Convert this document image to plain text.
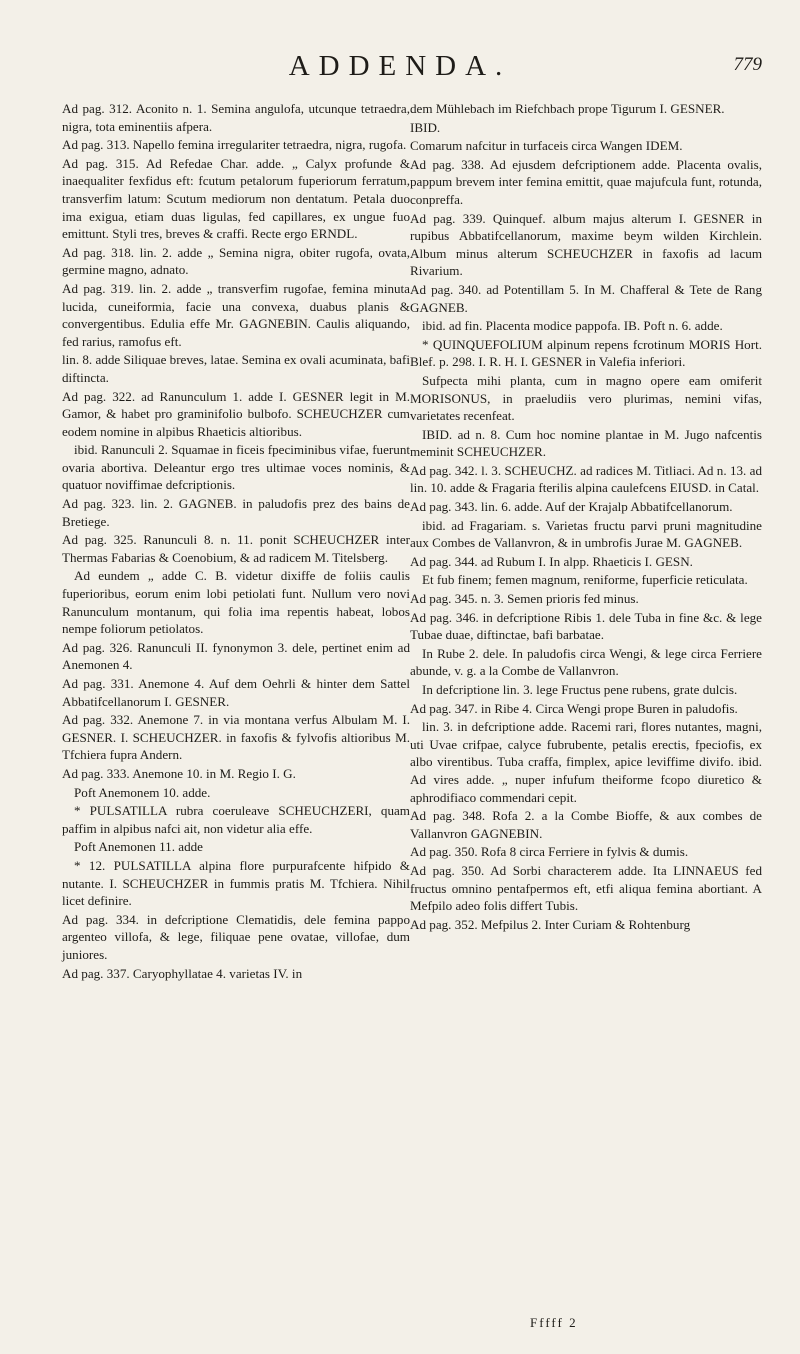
ADDENDA.	779

Ad pag. 312. Aconito n. 1. Semina angulofa, utcunque tetraedra, nigra, tota eminentiis afpera.

Ad pag. 313. Napello femina irregulariter tetraedra, nigra, rugofa.

Ad pag. 315. Ad Refedae Char. adde. „ Calyx profunde & inaequaliter fexfidus eft: fcutum petalorum fuperiorum ferratum, transverfim latum: Scutum mediorum non dentatum. Petala duo ima exigua, etiam duas ligulas, fed capillares, ex ungue fuo emittunt. Styli tres, breves & craffi. Recte ergo ERNDL.

Ad pag. 318. lin. 2. adde „ Semina nigra, obiter rugofa, ovata, germine magno, adnato.

Ad pag. 319. lin. 2. adde „ transverfim rugofae, femina minuta lucida, cuneiformia, facie una convexa, duabus planis & convergentibus. Edulia effe Mr. GAGNEBIN. Caulis aliquando, fed rarius, ramofus eft.

lin. 8. adde Siliquae breves, latae. Semina ex ovali acuminata, bafi diftincta.

Ad pag. 322. ad Ranunculum 1. adde I. GESNER legit in M. Gamor, & habet pro graminifolio bulbofo. SCHEUCHZER cum eodem nomine in alpibus Rhaeticis altioribus.

ibid. Ranunculi 2. Squamae in ficeis fpeciminibus vifae, fuerunt ovaria abortiva. Deleantur ergo tres ultimae voces nominis, & quatuor noviffimae defcriptionis.

Ad pag. 323. lin. 2. GAGNEB. in paludofis prez des bains de Bretiege.

Ad pag. 325. Ranunculi 8. n. 11. ponit SCHEUCHZER inter Thermas Fabarias & Coenobium, & ad radicem M. Titelsberg.

Ad eundem „ adde C. B. videtur dixiffe de foliis caulis fuperioribus, eorum enim lobi petiolati funt. Nullum vero novi Ranunculum montanum, qui folia ima repentis habeat, lobos nempe foliorum petiolatos.

Ad pag. 326. Ranunculi II. fynonymon 3. dele, pertinet enim ad Anemonen 4.

Ad pag. 331. Anemone 4. Auf dem Oehrli & hinter dem Sattel Abbatifcellanorum I. GESNER.

Ad pag. 332. Anemone 7. in via montana verfus Albulam M. I. GESNER. I. SCHEUCHZER. in faxofis & fylvofis altioribus M. Tfchiera fupra Andern.

Ad pag. 333. Anemone 10. in M. Regio I. G.

Poft Anemonem 10. adde.

* PULSATILLA rubra coeruleave SCHEUCHZERI, quam paffim in alpibus nafci ait, non videtur alia effe.

Poft Anemonen 11. adde

* 12. PULSATILLA alpina flore purpurafcente hifpido & nutante. I. SCHEUCHZER in fummis pratis M. Tfchiera. Nihil licet definire.

Ad pag. 334. in defcriptione Clematidis, dele femina pappo argenteo villofa, & lege, filiquae pene ovatae, villofae, dum juniores.

Ad pag. 337. Caryophyllatae 4. varietas IV. in

dem Mühlebach im Riefchbach prope Tigurum I. GESNER.

IBID.

Comarum nafcitur in turfaceis circa Wangen IDEM.

Ad pag. 338. Ad ejusdem defcriptionem adde. Placenta ovalis, pappum brevem inter femina emittit, quae majufcula funt, rotunda, conpreffa.

Ad pag. 339. Quinquef. album majus alterum I. GESNER in rupibus Abbatifcellanorum, maxime beym wilden Kirchlein. Album minus alterum SCHEUCHZER in faxofis ad lacum Rivarium.

Ad pag. 340. ad Potentillam 5. In M. Chafferal & Tete de Rang GAGNEB.

ibid. ad fin. Placenta modice pappofa. IB. Poft n. 6. adde.

* QUINQUEFOLIUM alpinum repens fcrotinum MORIS Hort. Blef. p. 298. I. R. H. I. GESNER in Valefia inferiori.

Sufpecta mihi planta, cum in magno opere eam omiferit MORISONUS, in praeludiis vero plurimas, nemini vifas, varietates recenfeat.

IBID. ad n. 8. Cum hoc nomine plantae in M. Jugo nafcentis meminit SCHEUCHZER.

Ad pag. 342. l. 3. SCHEUCHZ. ad radices M. Titliaci. Ad n. 13. ad lin. 10. adde & Fragaria fterilis alpina caulefcens EIUSD. in Catal.

Ad pag. 343. lin. 6. adde. Auf der Krajalp Abbatifcellanorum.

ibid. ad Fragariam. s. Varietas fructu parvi pruni magnitudine aux Combes de Vallanvron, & in umbrofis Jurae M. GAGNEB.

Ad pag. 344. ad Rubum I. In alpp. Rhaeticis I. GESN.

Et fub finem; femen magnum, reniforme, fuperficie reticulata.

Ad pag. 345. n. 3. Semen prioris fed minus.

Ad pag. 346. in defcriptione Ribis 1. dele Tuba in fine &c. & lege Tubae duae, diftinctae, bafi barbatae.

In Rube 2. dele. In paludofis circa Wengi, & lege circa Ferriere abunde, v. g. a la Combe de Vallanvron.

In defcriptione lin. 3. lege Fructus pene rubens, grate dulcis.

Ad pag. 347. in Ribe 4. Circa Wengi prope Buren in paludofis.

lin. 3. in defcriptione adde. Racemi rari, flores nutantes, magni, uti Uvae crifpae, calyce fubrubente, petalis erectis, fpeciofis, ex albo virentibus. Tuba craffa, fimplex, apice leviffime divifo. ibid. Ad vires adde. „ nuper infufum theiforme fcopo diuretico & aphrodifiaco commendari cepit.

Ad pag. 348. Rofa 2. a la Combe Bioffe, & aux combes de Vallanvron GAGNEBIN.

Ad pag. 350. Rofa 8 circa Ferriere in fylvis & dumis.

Ad pag. 350. Ad Sorbi characterem adde. Ita LINNAEUS fed fructus omnino pentafpermos eft, etfi aliqua femina abortiant. A Mefpilo adeo folis differt Tubis.

Ad pag. 352. Mefpilus 2. Inter Curiam & Rohtenburg

Fffff 2
